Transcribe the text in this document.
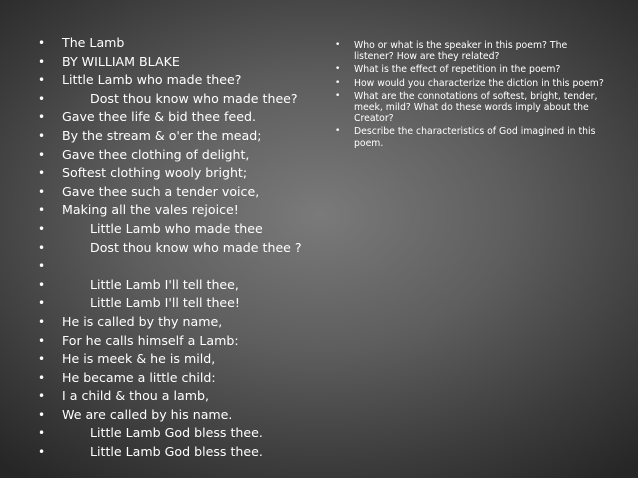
• The Lamb
• BY WILLIAM BLAKE
• Little Lamb who made thee?
•	Dost thou know who made thee?
• Gave thee life & bid thee feed.
• By the stream & o'er the mead;
• Gave thee clothing of delight,
• Softest clothing wooly bright;
• Gave thee such a tender voice,
• Making all the vales rejoice!
•	Little Lamb who made thee
•	Dost thou know who made thee ?
•
•	Little Lamb I'll tell thee,
•	Little Lamb I'll tell thee!
• He is called by thy name,
• For he calls himself a Lamb:
• He is meek & he is mild,
• He became a little child:
• I a child & thou a lamb,
• We are called by his name.
•	Little Lamb God bless thee.
•	Little Lamb God bless thee.
• Who or what is the speaker in this poem? The listener? How are they related?
• What is the effect of repetition in the poem?
• How would you characterize the diction in this poem?
• What are the connotations of softest, bright, tender, meek, mild? What do these words imply about the Creator?
• Describe the characteristics of God imagined in this poem.
